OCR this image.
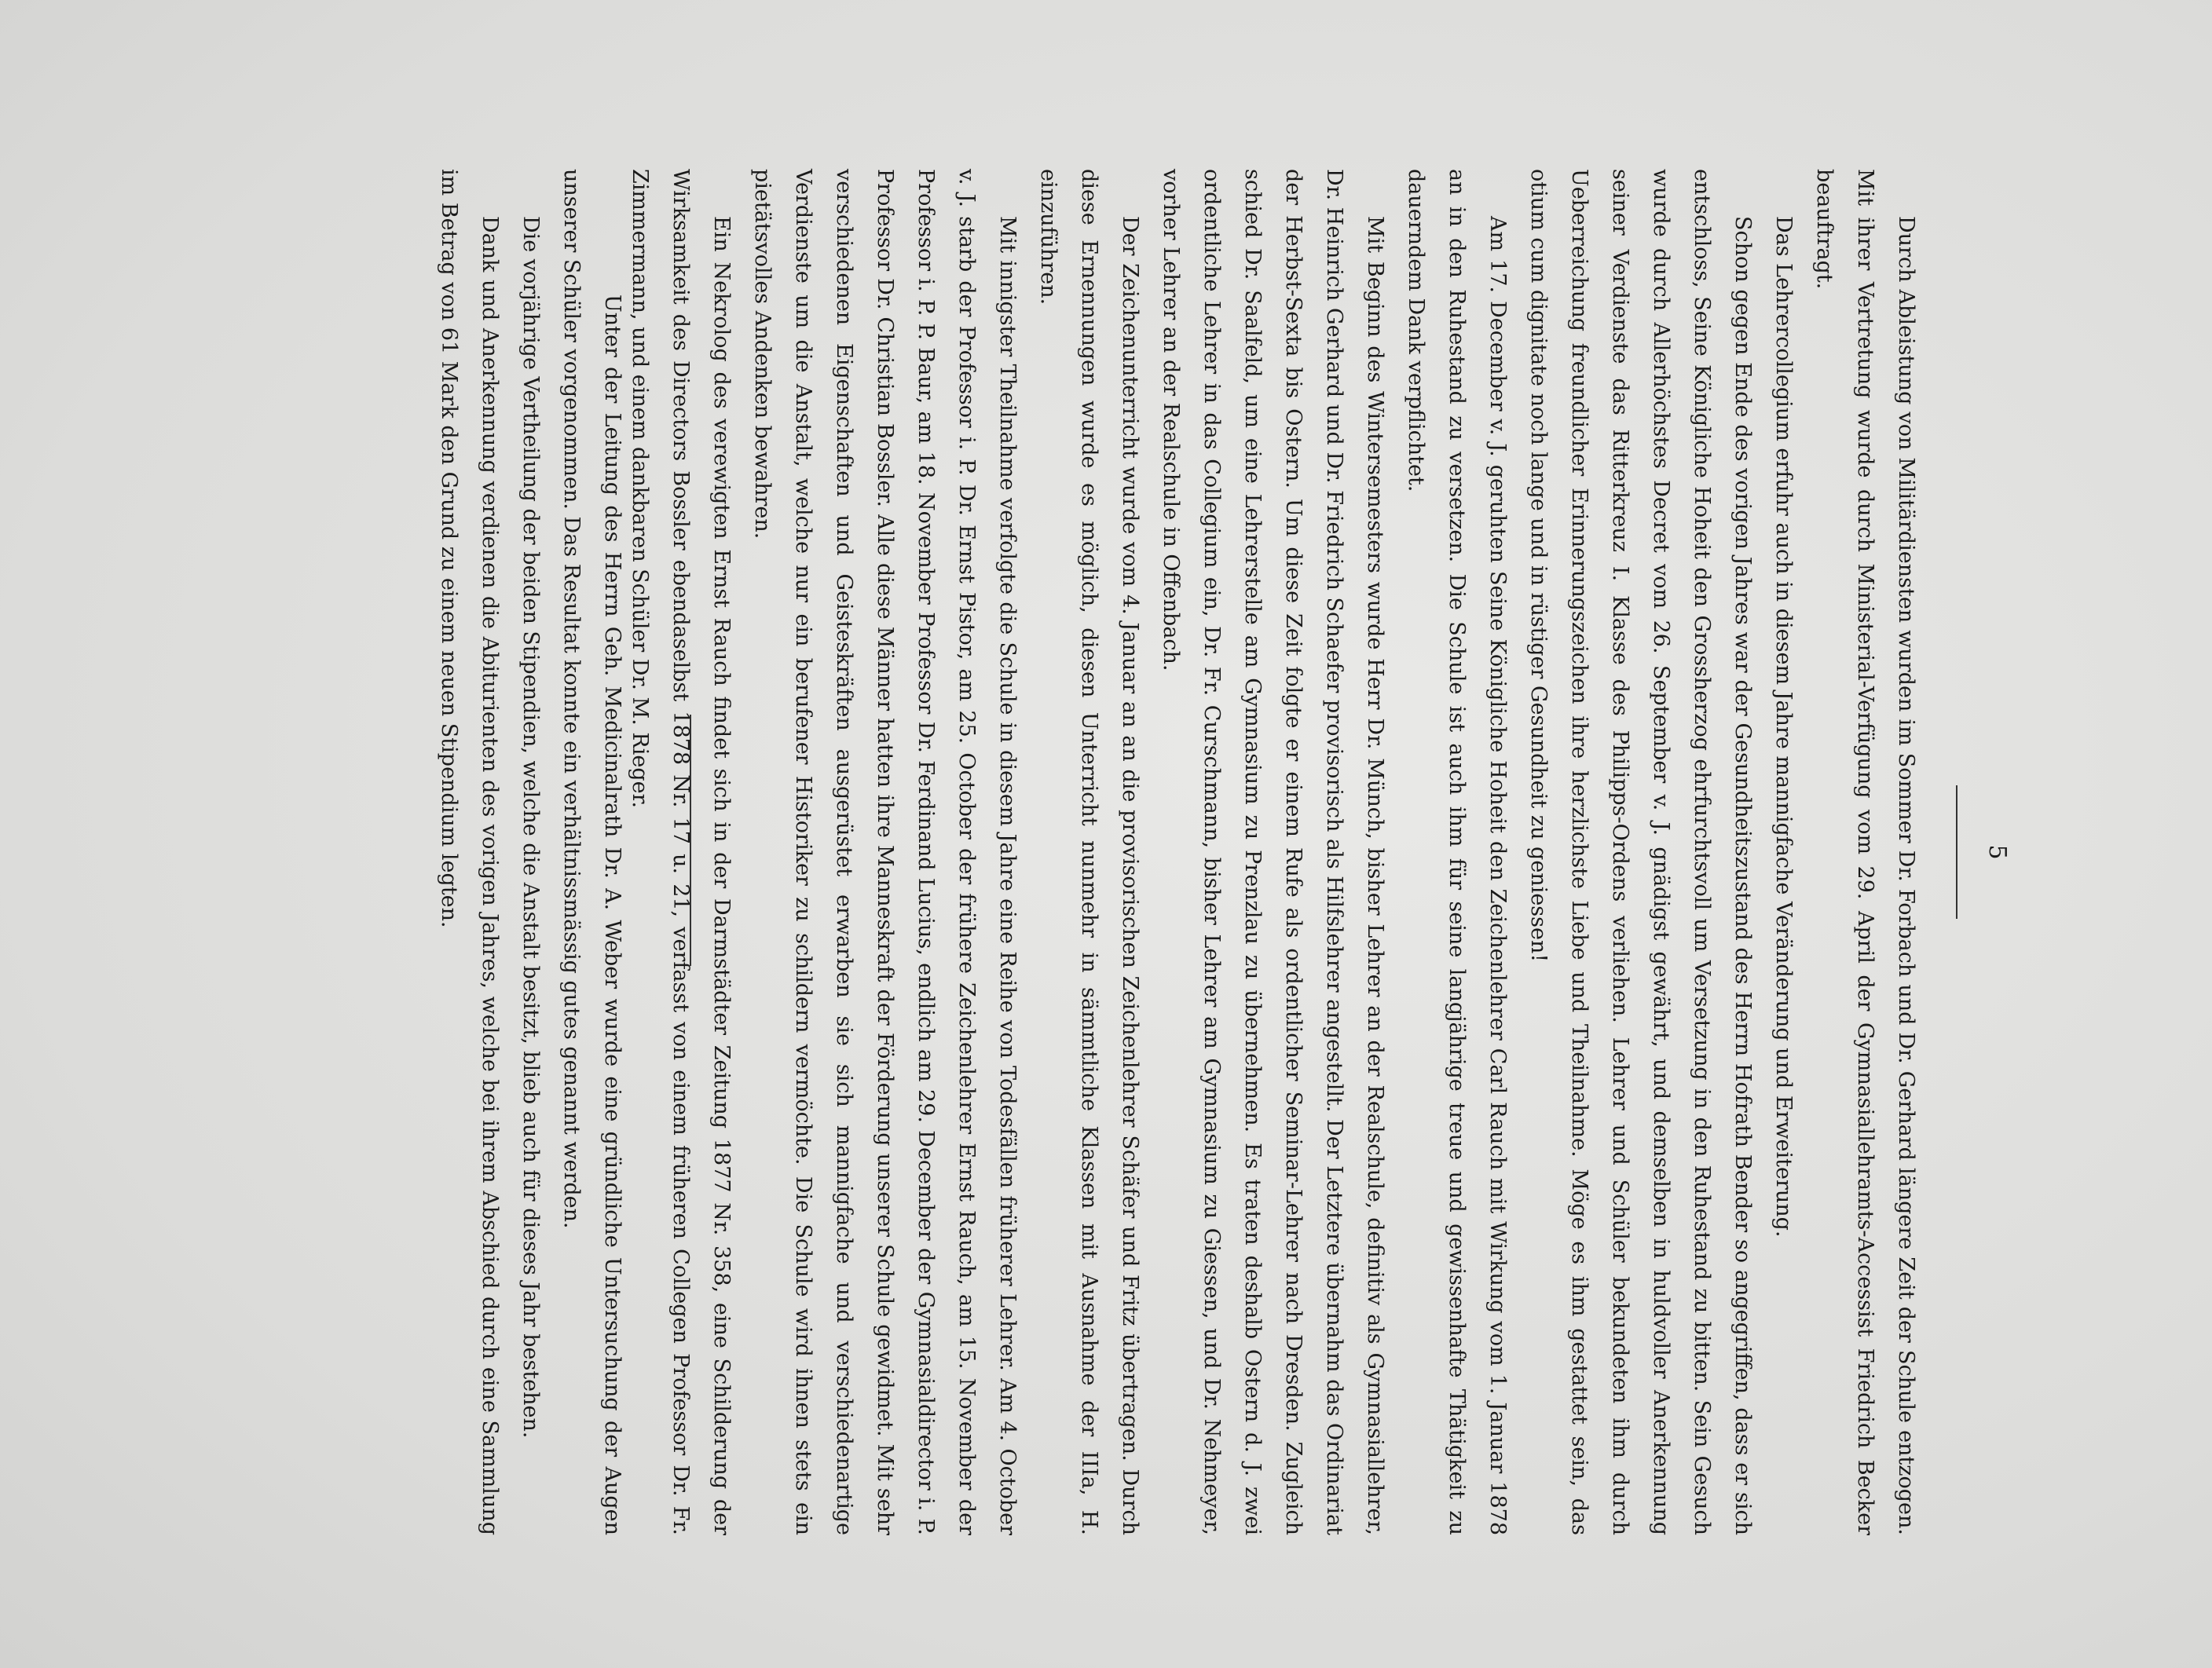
5

Durch Ableistung von Militärdiensten wurden im Sommer Dr. Forbach und Dr. Gerhard längere Zeit der Schule entzogen. Mit ihrer Vertretung wurde durch Ministerial-Verfügung vom 29. April der Gymnasiallehramts-Accessist Friedrich Becker beauftragt.

Das Lehrercollegium erfuhr auch in diesem Jahre mannigfache Veränderung und Erweiterung.

Schon gegen Ende des vorigen Jahres war der Gesundheitszustand des Herrn Hofrath Bender so angegriffen, dass er sich entschloss, Seine Königliche Hoheit den Grossherzog ehrfurchtsvoll um Versetzung in den Ruhestand zu bitten. Sein Gesuch wurde durch Allerhöchstes Decret vom 26. September v. J. gnädigst gewährt, und demselben in huldvoller Anerkennung seiner Verdienste das Ritterkreuz I. Klasse des Philipps-Ordens verliehen. Lehrer und Schüler bekundeten ihm durch Ueberreichung freundlicher Erinnerungszeichen ihre herzlichste Liebe und Theilnahme. Möge es ihm gestattet sein, das otium cum dignitate noch lange und in rüstiger Gesundheit zu geniessen!

Am 17. December v. J. geruhten Seine Königliche Hoheit den Zeichenlehrer Carl Rauch mit Wirkung vom 1. Januar 1878 an in den Ruhestand zu versetzen. Die Schule ist auch ihm für seine langjährige treue und gewissenhafte Thätigkeit zu dauerndem Dank verpflichtet.

Mit Beginn des Wintersemesters wurde Herr Dr. Münch, bisher Lehrer an der Realschule, definitiv als Gymnasiallehrer, Dr. Heinrich Gerhard und Dr. Friedrich Schaefer provisorisch als Hilfslehrer angestellt. Der Letztere übernahm das Ordinariat der Herbst-Sexta bis Ostern. Um diese Zeit folgte er einem Rufe als ordentlicher Seminar-Lehrer nach Dresden. Zugleich schied Dr. Saalfeld, um eine Lehrerstelle am Gymnasium zu Prenzlau zu übernehmen. Es traten deshalb Ostern d. J. zwei ordentliche Lehrer in das Collegium ein, Dr. Fr. Curschmann, bisher Lehrer am Gymnasium zu Giessen, und Dr. Nehmeyer, vorher Lehrer an der Realschule in Offenbach.

Der Zeichenunterricht wurde vom 4. Januar an an die provisorischen Zeichenlehrer Schäfer und Fritz übertragen. Durch diese Ernennungen wurde es möglich, diesen Unterricht nunmehr in sämmtliche Klassen mit Ausnahme der IIIa, H. einzuführen.

Mit innigster Theilnahme verfolgte die Schule in diesem Jahre eine Reihe von Todesfällen früherer Lehrer. Am 4. October v. J. starb der Professor i. P. Dr. Ernst Pistor, am 25. October der frühere Zeichenlehrer Ernst Rauch, am 15. November der Professor i. P. P. Baur, am 18. November Professor Dr. Ferdinand Lucius, endlich am 29. December der Gymnasialdirector i. P. Professor Dr. Christian Bossler. Alle diese Männer hatten ihre Manneskraft der Förderung unserer Schule gewidmet. Mit sehr verschiedenen Eigenschaften und Geisteskräften ausgerüstet erwarben sie sich mannigfache und verschiedenartige Verdienste um die Anstalt, welche nur ein berufener Historiker zu schildern vermöchte. Die Schule wird ihnen stets ein pietätsvolles Andenken bewahren.

Ein Nekrolog des verewigten Ernst Rauch findet sich in der Darmstädter Zeitung 1877 Nr. 358, eine Schilderung der Wirksamkeit des Directors Bossler ebendaselbst 1878 Nr. 17 u. 21, verfasst von einem früheren Collegen Professor Dr. Fr. Zimmermann, und einem dankbaren Schüler Dr. M. Rieger.

Unter der Leitung des Herrn Geh. Medicinalrath Dr. A. Weber wurde eine gründliche Untersuchung der Augen unserer Schüler vorgenommen. Das Resultat konnte ein verhältnissmässig gutes genannt werden.

Die vorjährige Vertheilung der beiden Stipendien, welche die Anstalt besitzt, blieb auch für dieses Jahr bestehen.

Dank und Anerkennung verdienen die Abiturienten des vorigen Jahres, welche bei ihrem Abschied durch eine Sammlung im Betrag von 61 Mark den Grund zu einem neuen Stipendium legten.
